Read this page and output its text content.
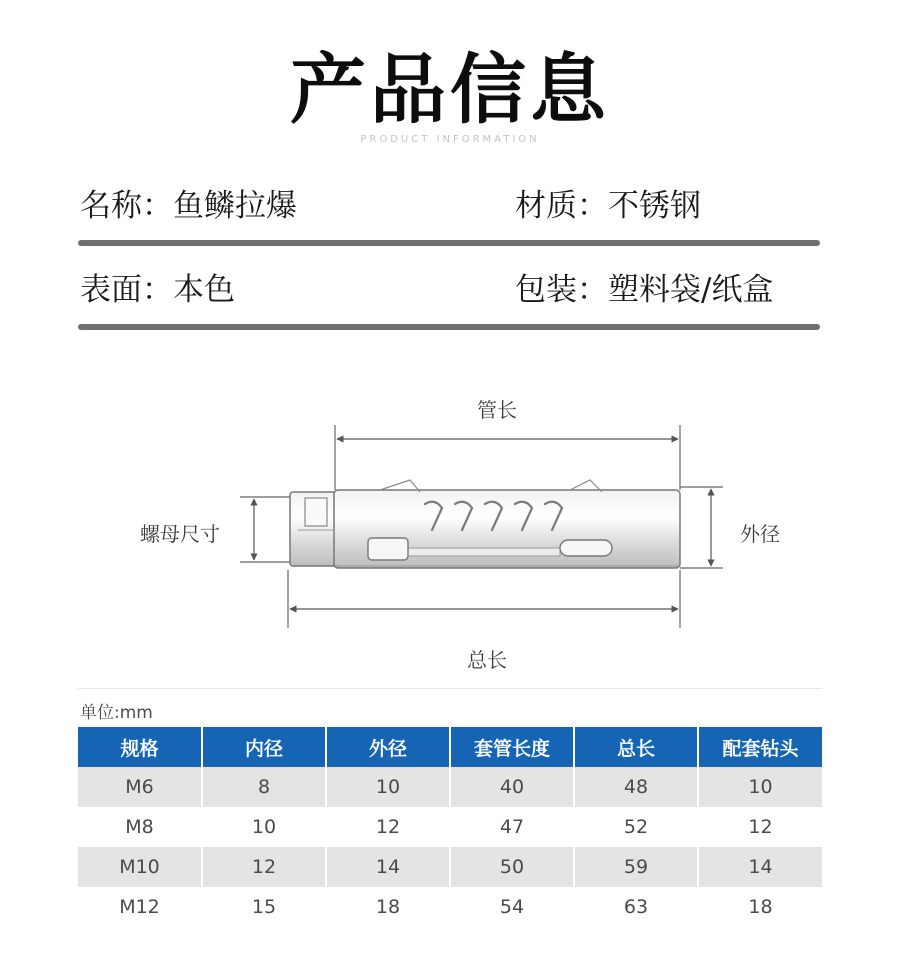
产品信息
PRODUCT INFORMATION
名称：鱼鳞拉爆	材质：不锈钢
表面：本色	包装：塑料袋/纸盒
管长
螺母尺寸	外径
总长
单位:mm
规格	内径	外径	套管长度	总长	配套钻头
M6	8	10	40	48	10
M8	10	12	47	52	12
M10	12	14	50	59	14
M12	15	18	54	63	18
